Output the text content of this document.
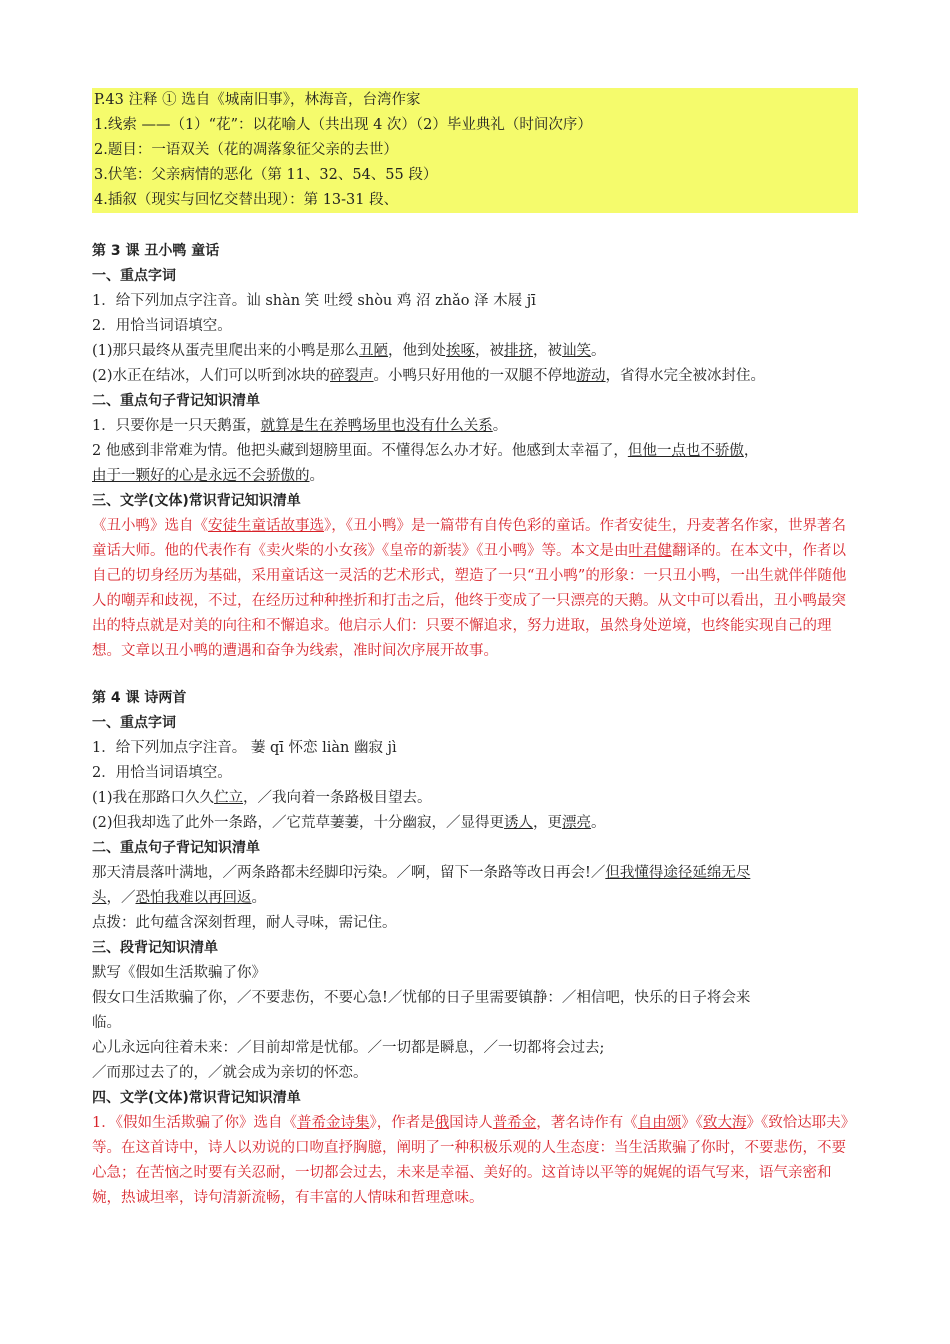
P.43 注释 ① 选自《城南旧事》，林海音，台湾作家
1.线索 ——（1）“花”：以花喻人（共出现 4 次）（2）毕业典礼（时间次序）
2.题目：一语双关（花的凋落象征父亲的去世）
3.伏笔：父亲病情的恶化（第 11、32、54、55 段）
4.插叙（现实与回忆交替出现）：第 13-31 段、
第 3 课 丑小鸭 童话
一、重点字词
1．给下列加点字注音。讪 shàn 笑 吐绶 shòu 鸡 沼 zhǎo 泽 木屐 jī
2．用恰当词语填空。
(1)那只最终从蛋壳里爬出来的小鸭是那么丑陋，他到处挨啄，被排挤，被讪笑。
(2)水正在结冰，人们可以听到冰块的碎裂声。小鸭只好用他的一双腿不停地游动，省得水完全被冰封住。
二、重点句子背记知识清单
1．只要你是一只天鹅蛋，就算是生在养鸭场里也没有什么关系。
2 他感到非常难为情。他把头藏到翅膀里面。不懂得怎么办才好。他感到太幸福了，但他一点也不骄傲，
由于一颗好的心是永远不会骄傲的。
三、文学(文体)常识背记知识清单
《丑小鸭》选自《安徒生童话故事选》，《丑小鸭》是一篇带有自传色彩的童话。作者安徒生，丹麦著名作家，世界著名童话大师。他的代表作有《卖火柴的小女孩》《皇帝的新装》《丑小鸭》等。本文是由叶君健翻译的。在本文中，作者以自己的切身经历为基础，采用童话这一灵活的艺术形式，塑造了一只“丑小鸭”的形象：一只丑小鸭，一出生就伴伴随他人的嘲弄和歧视，不过，在经历过种种挫折和打击之后，他终于变成了一只漂亮的天鹅。从文中可以看出，丑小鸭最突出的特点就是对美的向往和不懈追求。他启示人们：只要不懈追求，努力进取，虽然身处逆境，也终能实现自己的理想。文章以丑小鸭的遭遇和奋争为线索，准时间次序展开故事。
第 4 课 诗两首
一、重点字词
1．给下列加点字注音。 萋 qī 怀恋 liàn 幽寂 jì
2．用恰当词语填空。
(1)我在那路口久久伫立，／我向着一条路极目望去。
(2)但我却选了此外一条路，／它荒草萋萋，十分幽寂，／显得更诱人，更漂亮。
二、重点句子背记知识清单
那天清晨落叶满地，／两条路都未经脚印污染。／啊，留下一条路等改日再会!／但我懂得途径延绵无尽
头，／恐怕我难以再回返。
点拨：此句蕴含深刻哲理，耐人寻味，需记住。
三、段背记知识清单
默写《假如生活欺骗了你》
假女口生活欺骗了你，／不要悲伤，不要心急!／忧郁的日子里需要镇静：／相信吧，快乐的日子将会来
临。
心儿永远向往着未来：／目前却常是忧郁。／一切都是瞬息，／一切都将会过去;
／而那过去了的，／就会成为亲切的怀恋。
四、文学(文体)常识背记知识清单
1．《假如生活欺骗了你》选自《普希金诗集》，作者是俄国诗人普希金，著名诗作有《自由颂》《致大海》《致恰达耶夫》等。在这首诗中，诗人以劝说的口吻直抒胸臆，阐明了一种积极乐观的人生态度：当生活欺骗了你时，不要悲伤，不要心急；在苦恼之时要有关忍耐，一切都会过去，未来是幸福、美好的。这首诗以平等的娓娓的语气写来，语气亲密和婉，热诚坦率，诗句清新流畅，有丰富的人情味和哲理意味。
